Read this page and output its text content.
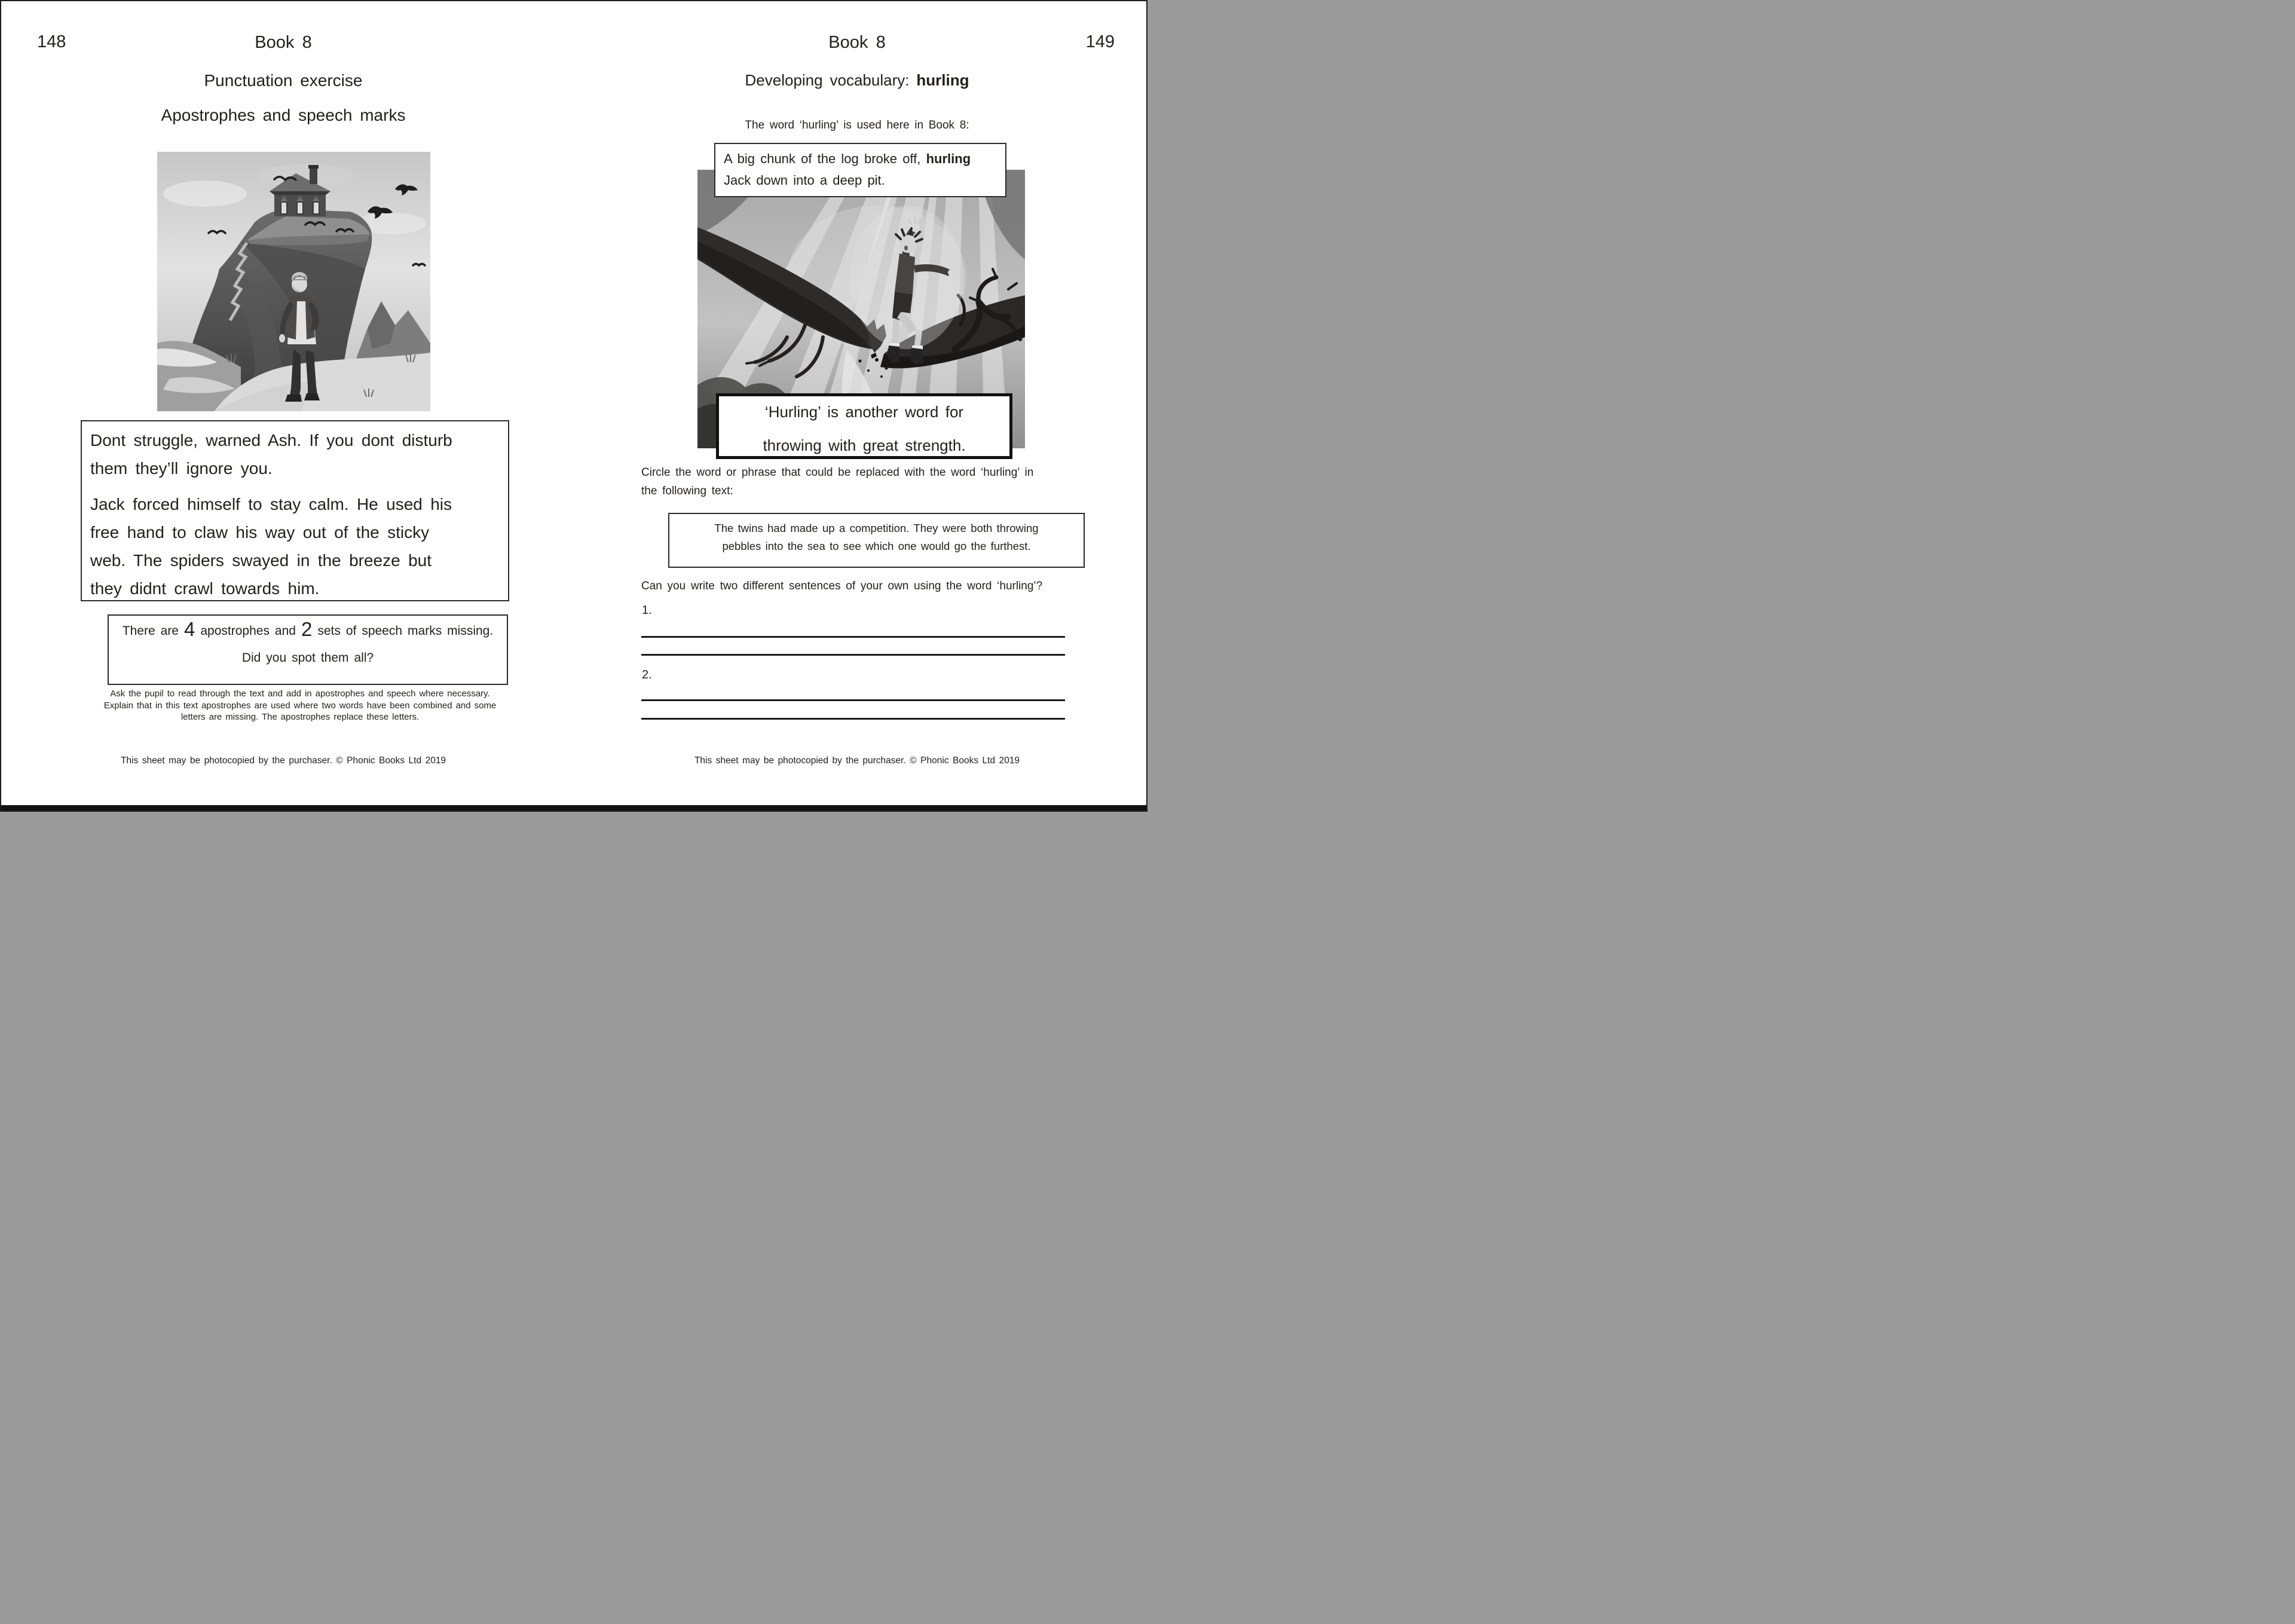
148	Book 8
Punctuation exercise
Apostrophes and speech marks
Dont struggle, warned Ash. If you dont disturb
them they’ll ignore you.
Jack forced himself to stay calm. He used his
free hand to claw his way out of the sticky
web. The spiders swayed in the breeze but
they didnt crawl towards him.
There are 4 apostrophes and 2 sets of speech marks missing.
Did you spot them all?
Ask the pupil to read through the text and add in apostrophes and speech where necessary.
Explain that in this text apostrophes are used where two words have been combined and some
letters are missing. The apostrophes replace these letters.
This sheet may be photocopied by the purchaser. © Phonic Books Ltd 2019
Book 8	149
Developing vocabulary: hurling
The word ‘hurling’ is used here in Book 8:
A big chunk of the log broke off, hurling
Jack down into a deep pit.
‘Hurling’ is another word for
throwing with great strength.
Circle the word or phrase that could be replaced with the word ‘hurling’ in
the following text:
The twins had made up a competition. They were both throwing
pebbles into the sea to see which one would go the furthest.
Can you write two different sentences of your own using the word ‘hurling’?
1.
2.
This sheet may be photocopied by the purchaser. © Phonic Books Ltd 2019
